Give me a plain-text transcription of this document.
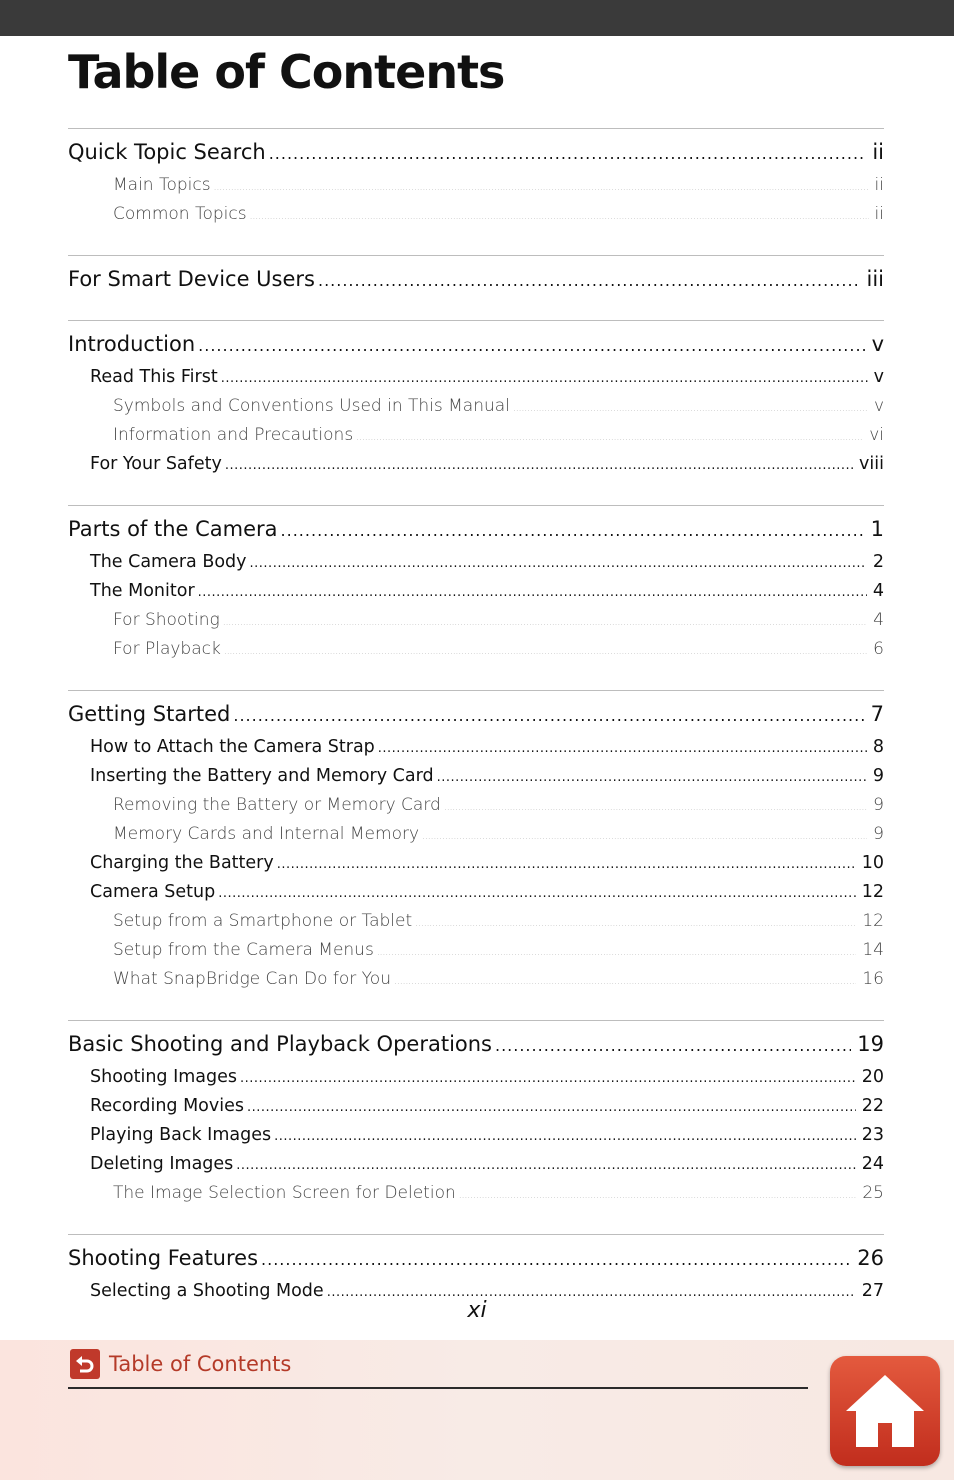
Table of Contents
Quick Topic Search .....	ii
Main Topics .....	ii
Common Topics .....	ii
For Smart Device Users .....	iii
Introduction .....	v
Read This First .....	v
Symbols and Conventions Used in This Manual .....	v
Information and Precautions .....	vi
For Your Safety .....	viii
Parts of the Camera .....	1
The Camera Body .....	2
The Monitor .....	4
For Shooting .....	4
For Playback .....	6
Getting Started .....	7
How to Attach the Camera Strap .....	8
Inserting the Battery and Memory Card .....	9
Removing the Battery or Memory Card .....	9
Memory Cards and Internal Memory .....	9
Charging the Battery .....	10
Camera Setup .....	12
Setup from a Smartphone or Tablet .....	12
Setup from the Camera Menus .....	14
What SnapBridge Can Do for You .....	16
Basic Shooting and Playback Operations .....	19
Shooting Images .....	20
Recording Movies .....	22
Playing Back Images .....	23
Deleting Images .....	24
The Image Selection Screen for Deletion .....	25
Shooting Features .....	26
Selecting a Shooting Mode .....	27
xi
Table of Contents
